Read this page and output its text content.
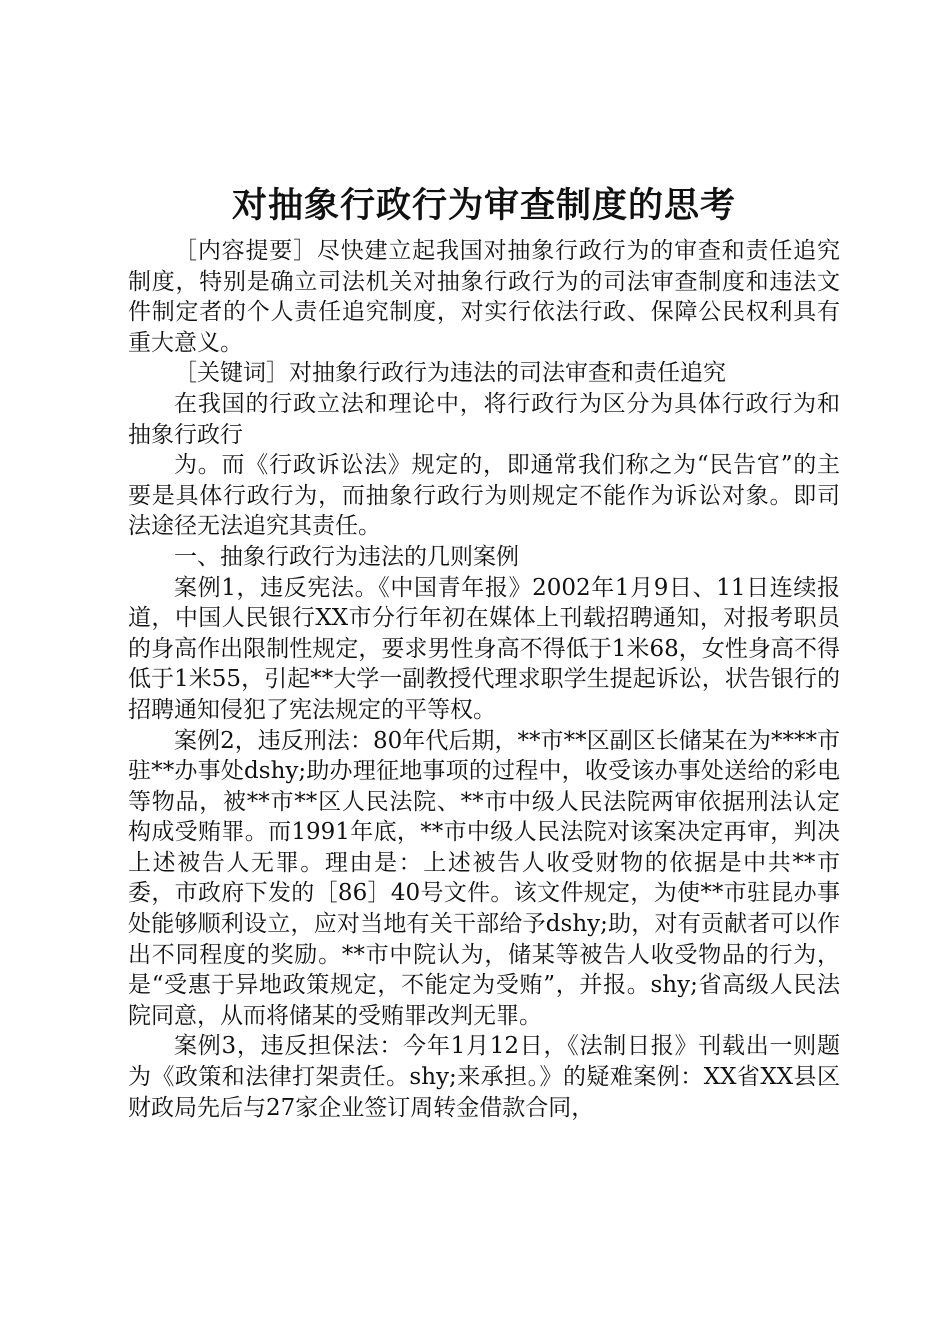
对抽象行政行为审查制度的思考

［内容提要］尽快建立起我国对抽象行政行为的审查和责任追究制度，特别是确立司法机关对抽象行政行为的司法审查制度和违法文件制定者的个人责任追究制度，对实行依法行政、保障公民权利具有重大意义。

［关键词］对抽象行政行为违法的司法审查和责任追究

在我国的行政立法和理论中，将行政行为区分为具体行政行为和抽象行政行

为。而《行政诉讼法》规定的，即通常我们称之为“民告官”的主要是具体行政行为，而抽象行政行为则规定不能作为诉讼对象。即司法途径无法追究其责任。

一、抽象行政行为违法的几则案例

案例1，违反宪法。《中国青年报》2002年1月9日、11日连续报道，中国人民银行XX市分行年初在媒体上刊载招聘通知，对报考职员的身高作出限制性规定，要求男性身高不得低于1米68，女性身高不得低于1米55，引起**大学一副教授代理求职学生提起诉讼，状告银行的招聘通知侵犯了宪法规定的平等权。

案例2，违反刑法：80年代后期，**市**区副区长储某在为****市驻**办事处dshy;助办理征地事项的过程中，收受该办事处送给的彩电等物品，被**市**区人民法院、**市中级人民法院两审依据刑法认定构成受贿罪。而1991年底，**市中级人民法院对该案决定再审，判决上述被告人无罪。理由是：上述被告人收受财物的依据是中共**市委，市政府下发的［86］40号文件。该文件规定，为使**市驻昆办事处能够顺利设立，应对当地有关干部给予dshy;助，对有贡献者可以作出不同程度的奖励。**市中院认为，储某等被告人收受物品的行为，是“受惠于异地政策规定，不能定为受贿”，并报。shy;省高级人民法院同意，从而将储某的受贿罪改判无罪。

案例3，违反担保法：今年1月12日，《法制日报》刊载出一则题为《政策和法律打架责任。shy;来承担。》的疑难案例：XX省XX县区财政局先后与27家企业签订周转金借款合同，
